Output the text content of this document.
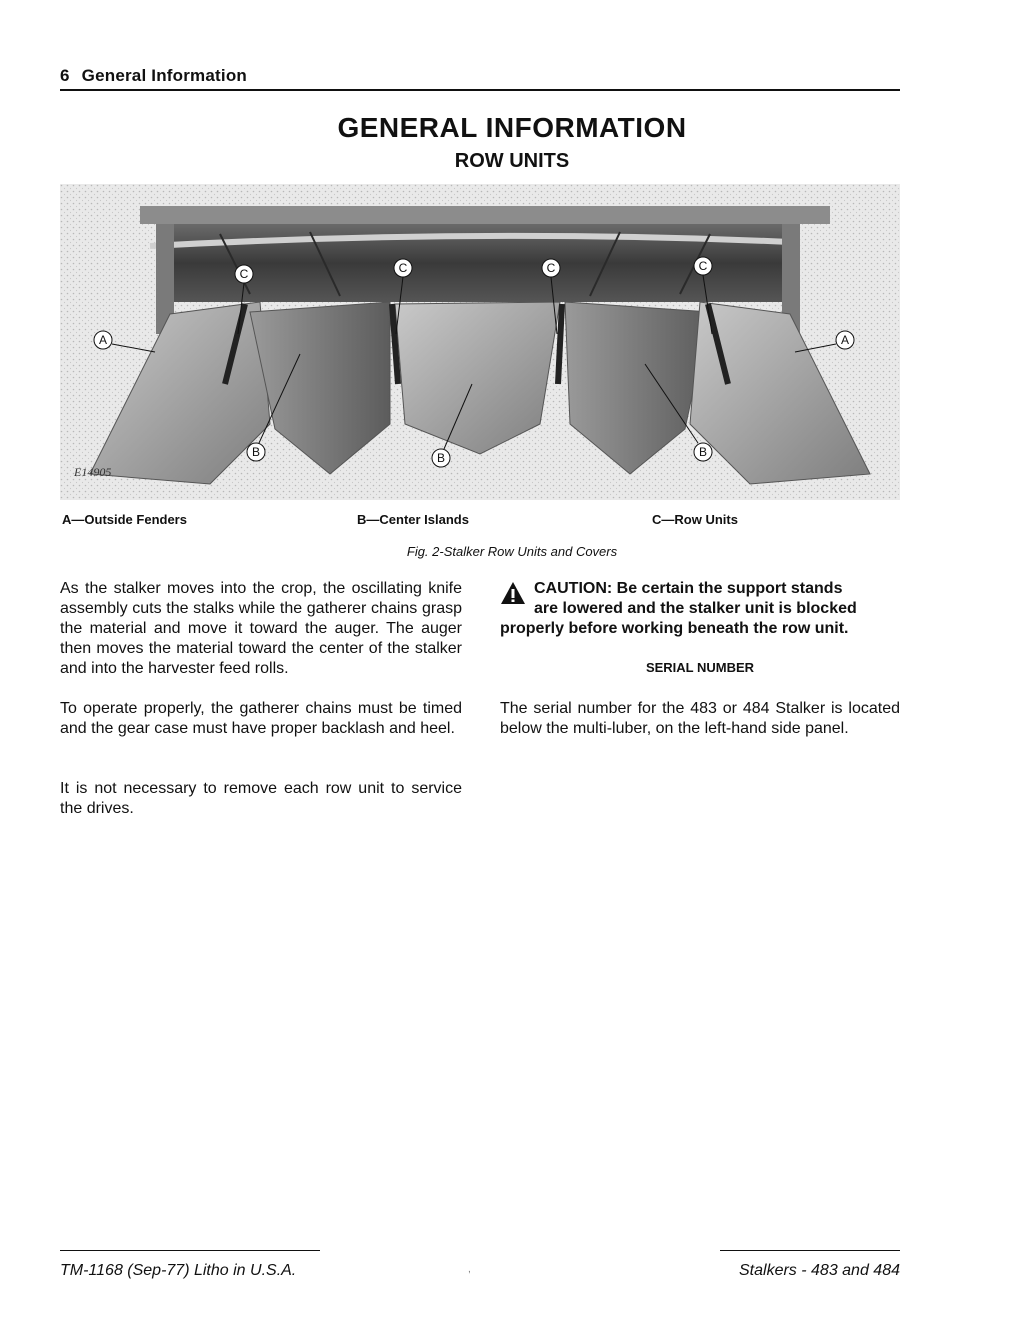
6 General Information
GENERAL INFORMATION
ROW UNITS
C	C	C	C
A	A
B	B	B
E14905
A—Outside Fenders	B—Center Islands	C—Row Units
Fig. 2-Stalker Row Units and Covers
As the stalker moves into the crop, the oscillating knife assembly cuts the stalks while the gatherer chains grasp the material and move it toward the auger. The auger then moves the material toward the center of the stalker and into the harvester feed rolls.
To operate properly, the gatherer chains must be timed and the gear case must have proper backlash and heel.
It is not necessary to remove each row unit to service the drives.
CAUTION: Be certain the support stands
are lowered and the stalker unit is blocked
properly before working beneath the row unit.
SERIAL NUMBER
The serial number for the 483 or 484 Stalker is located below the multi-luber, on the left-hand side panel.
TM-1168 (Sep-77) Litho in U.S.A.	Stalkers - 483 and 484
,
